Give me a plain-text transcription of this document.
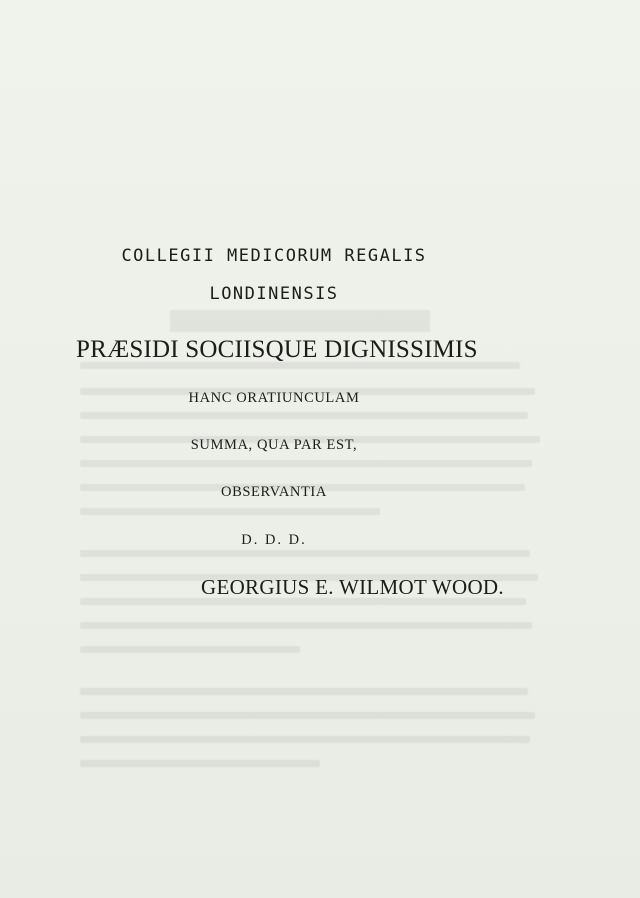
COLLEGII MEDICORUM REGALIS
LONDINENSIS
PRÆSIDI SOCIISQUE DIGNISSIMIS
HANC ORATIUNCULAM
SUMMA, QUA PAR EST,
OBSERVANTIA
D. D. D.
GEORGIUS E. WILMOT WOOD.
